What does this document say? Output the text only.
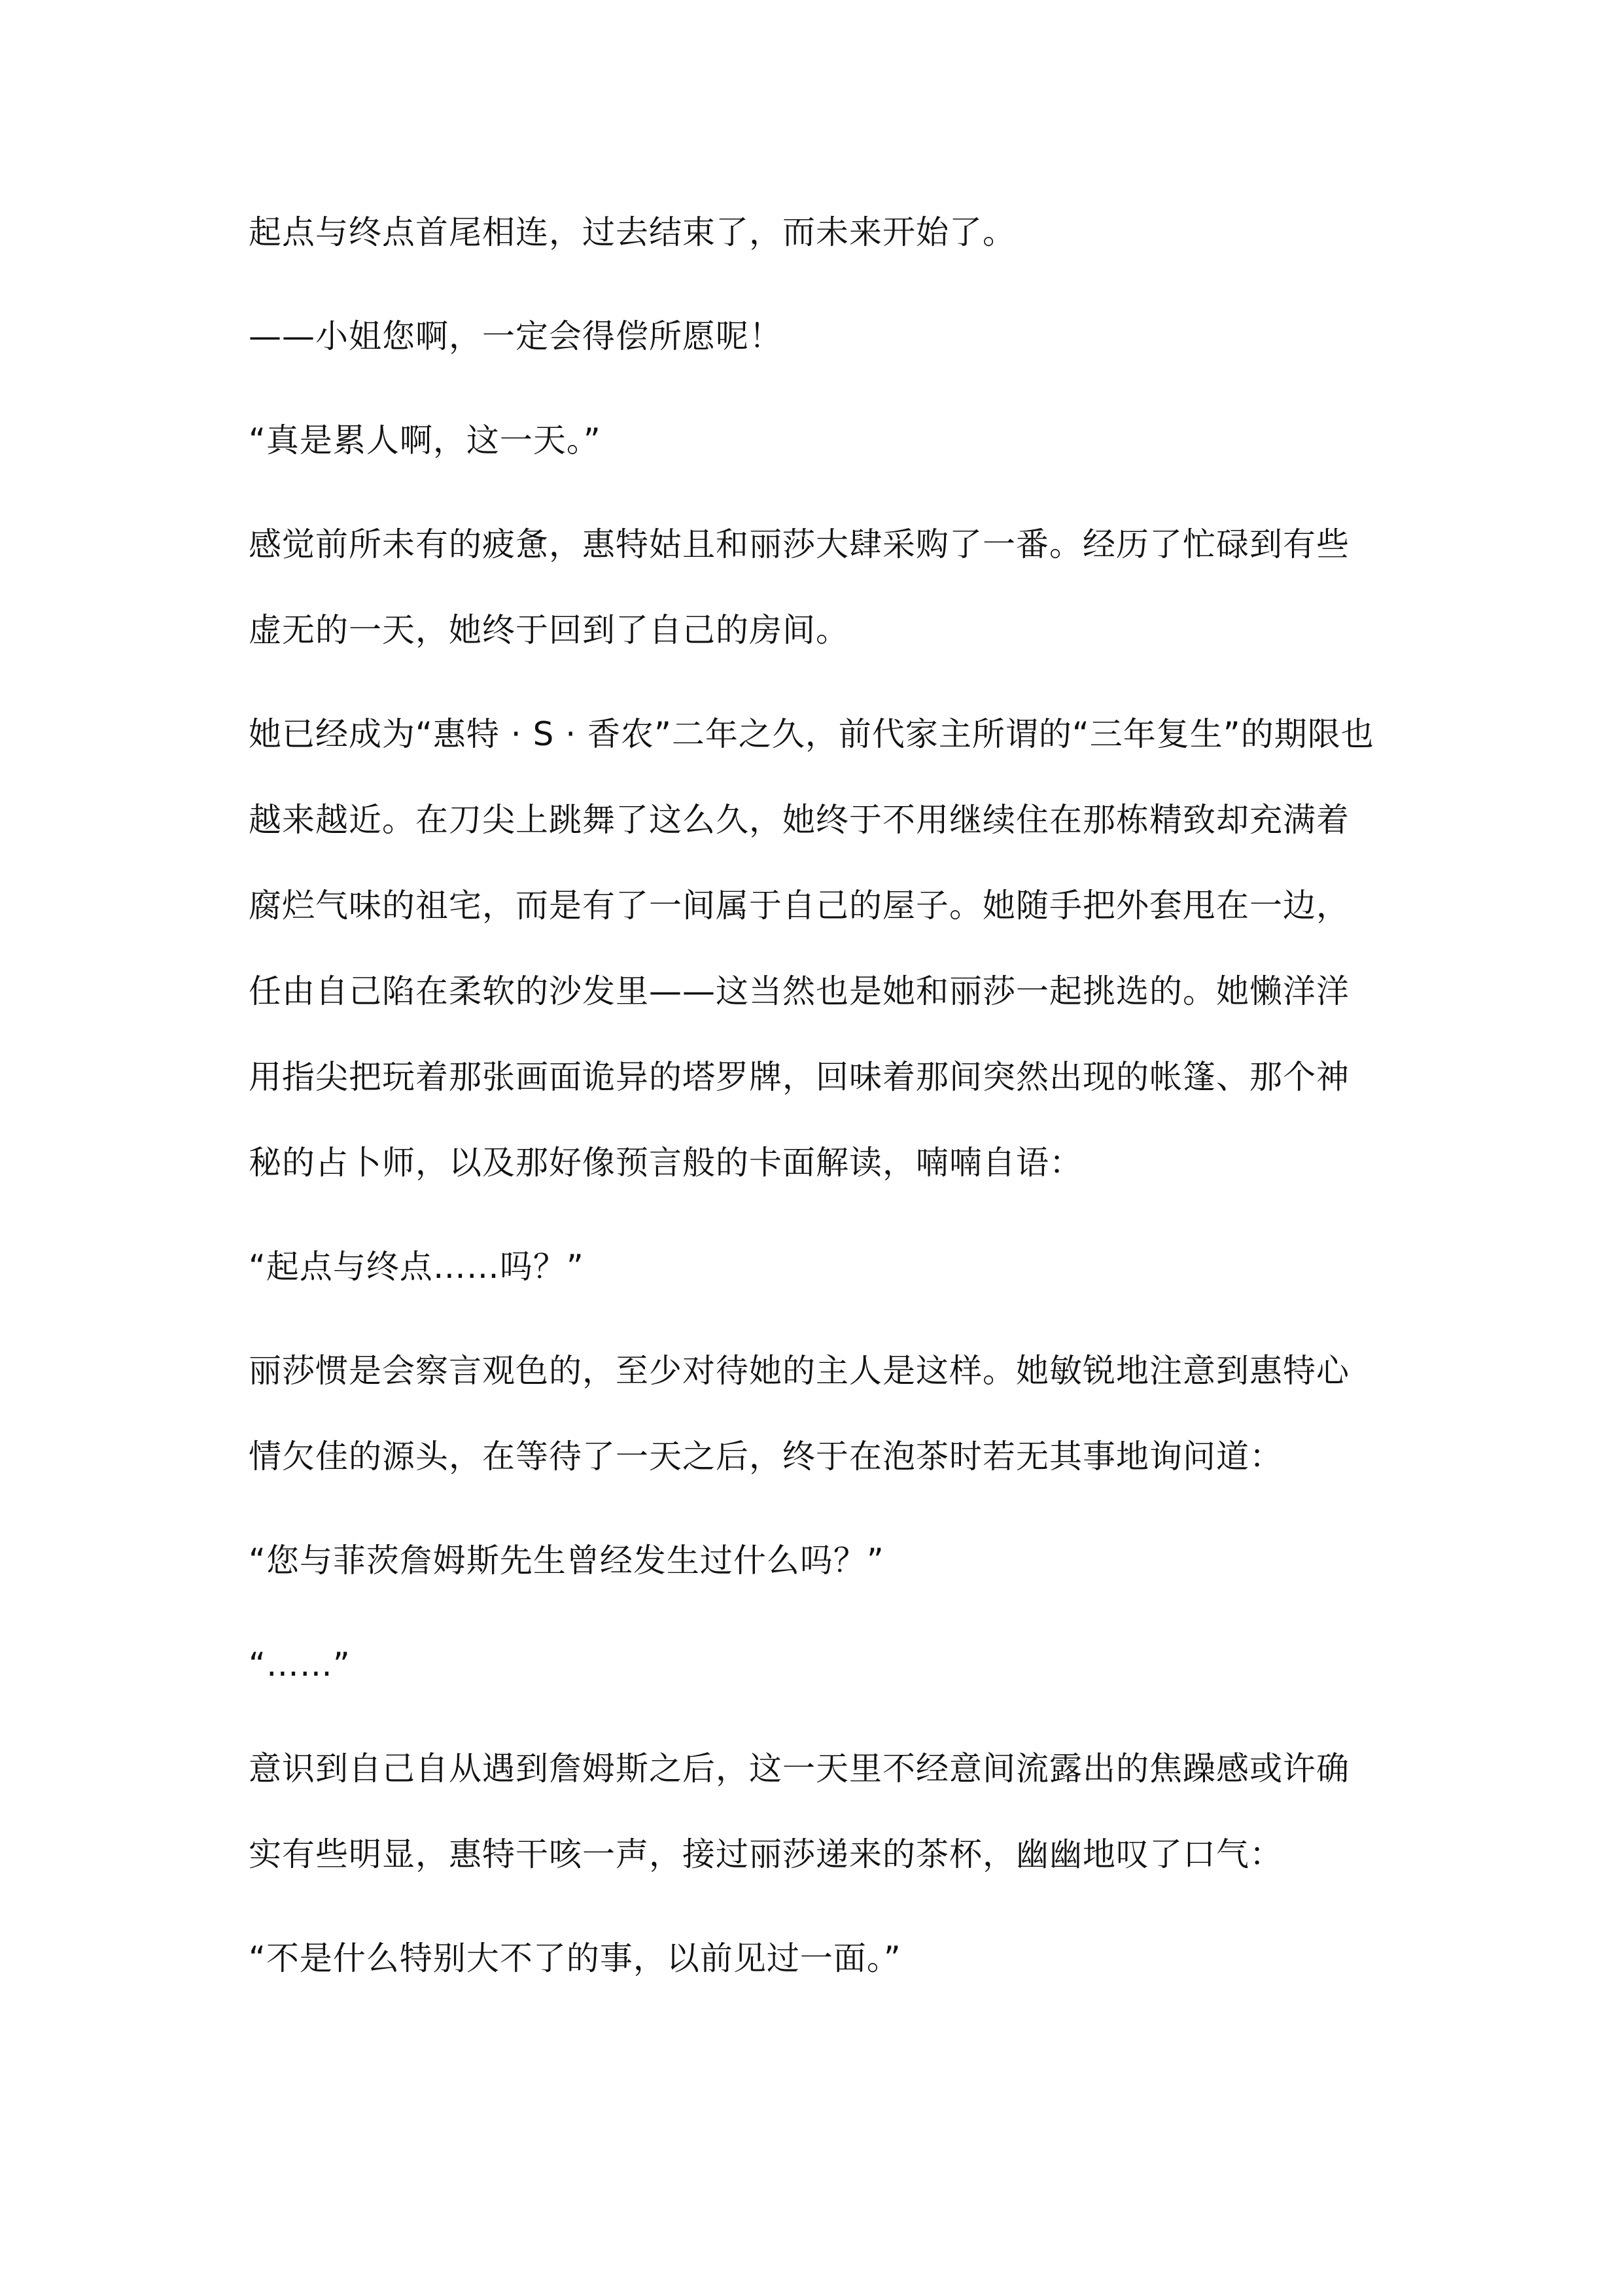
起点与终点首尾相连，过去结束了，而未来开始了。

——小姐您啊，一定会得偿所愿呢！

“真是累人啊，这一天。”

感觉前所未有的疲惫，惠特姑且和丽莎大肆采购了一番。经历了忙碌到有些虚无的一天，她终于回到了自己的房间。

她已经成为“惠特 · S · 香农”二年之久，前代家主所谓的“三年复生”的期限也越来越近。在刀尖上跳舞了这么久，她终于不用继续住在那栋精致却充满着腐烂气味的祖宅，而是有了一间属于自己的屋子。她随手把外套甩在一边，任由自己陷在柔软的沙发里——这当然也是她和丽莎一起挑选的。她懒洋洋用指尖把玩着那张画面诡异的塔罗牌，回味着那间突然出现的帐篷、那个神秘的占卜师，以及那好像预言般的卡面解读，喃喃自语：

“起点与终点……吗？”

丽莎惯是会察言观色的，至少对待她的主人是这样。她敏锐地注意到惠特心情欠佳的源头，在等待了一天之后，终于在泡茶时若无其事地询问道：

“您与菲茨詹姆斯先生曾经发生过什么吗？”

“……”

意识到自己自从遇到詹姆斯之后，这一天里不经意间流露出的焦躁感或许确实有些明显，惠特干咳一声，接过丽莎递来的茶杯，幽幽地叹了口气：

“不是什么特别大不了的事，以前见过一面。”
